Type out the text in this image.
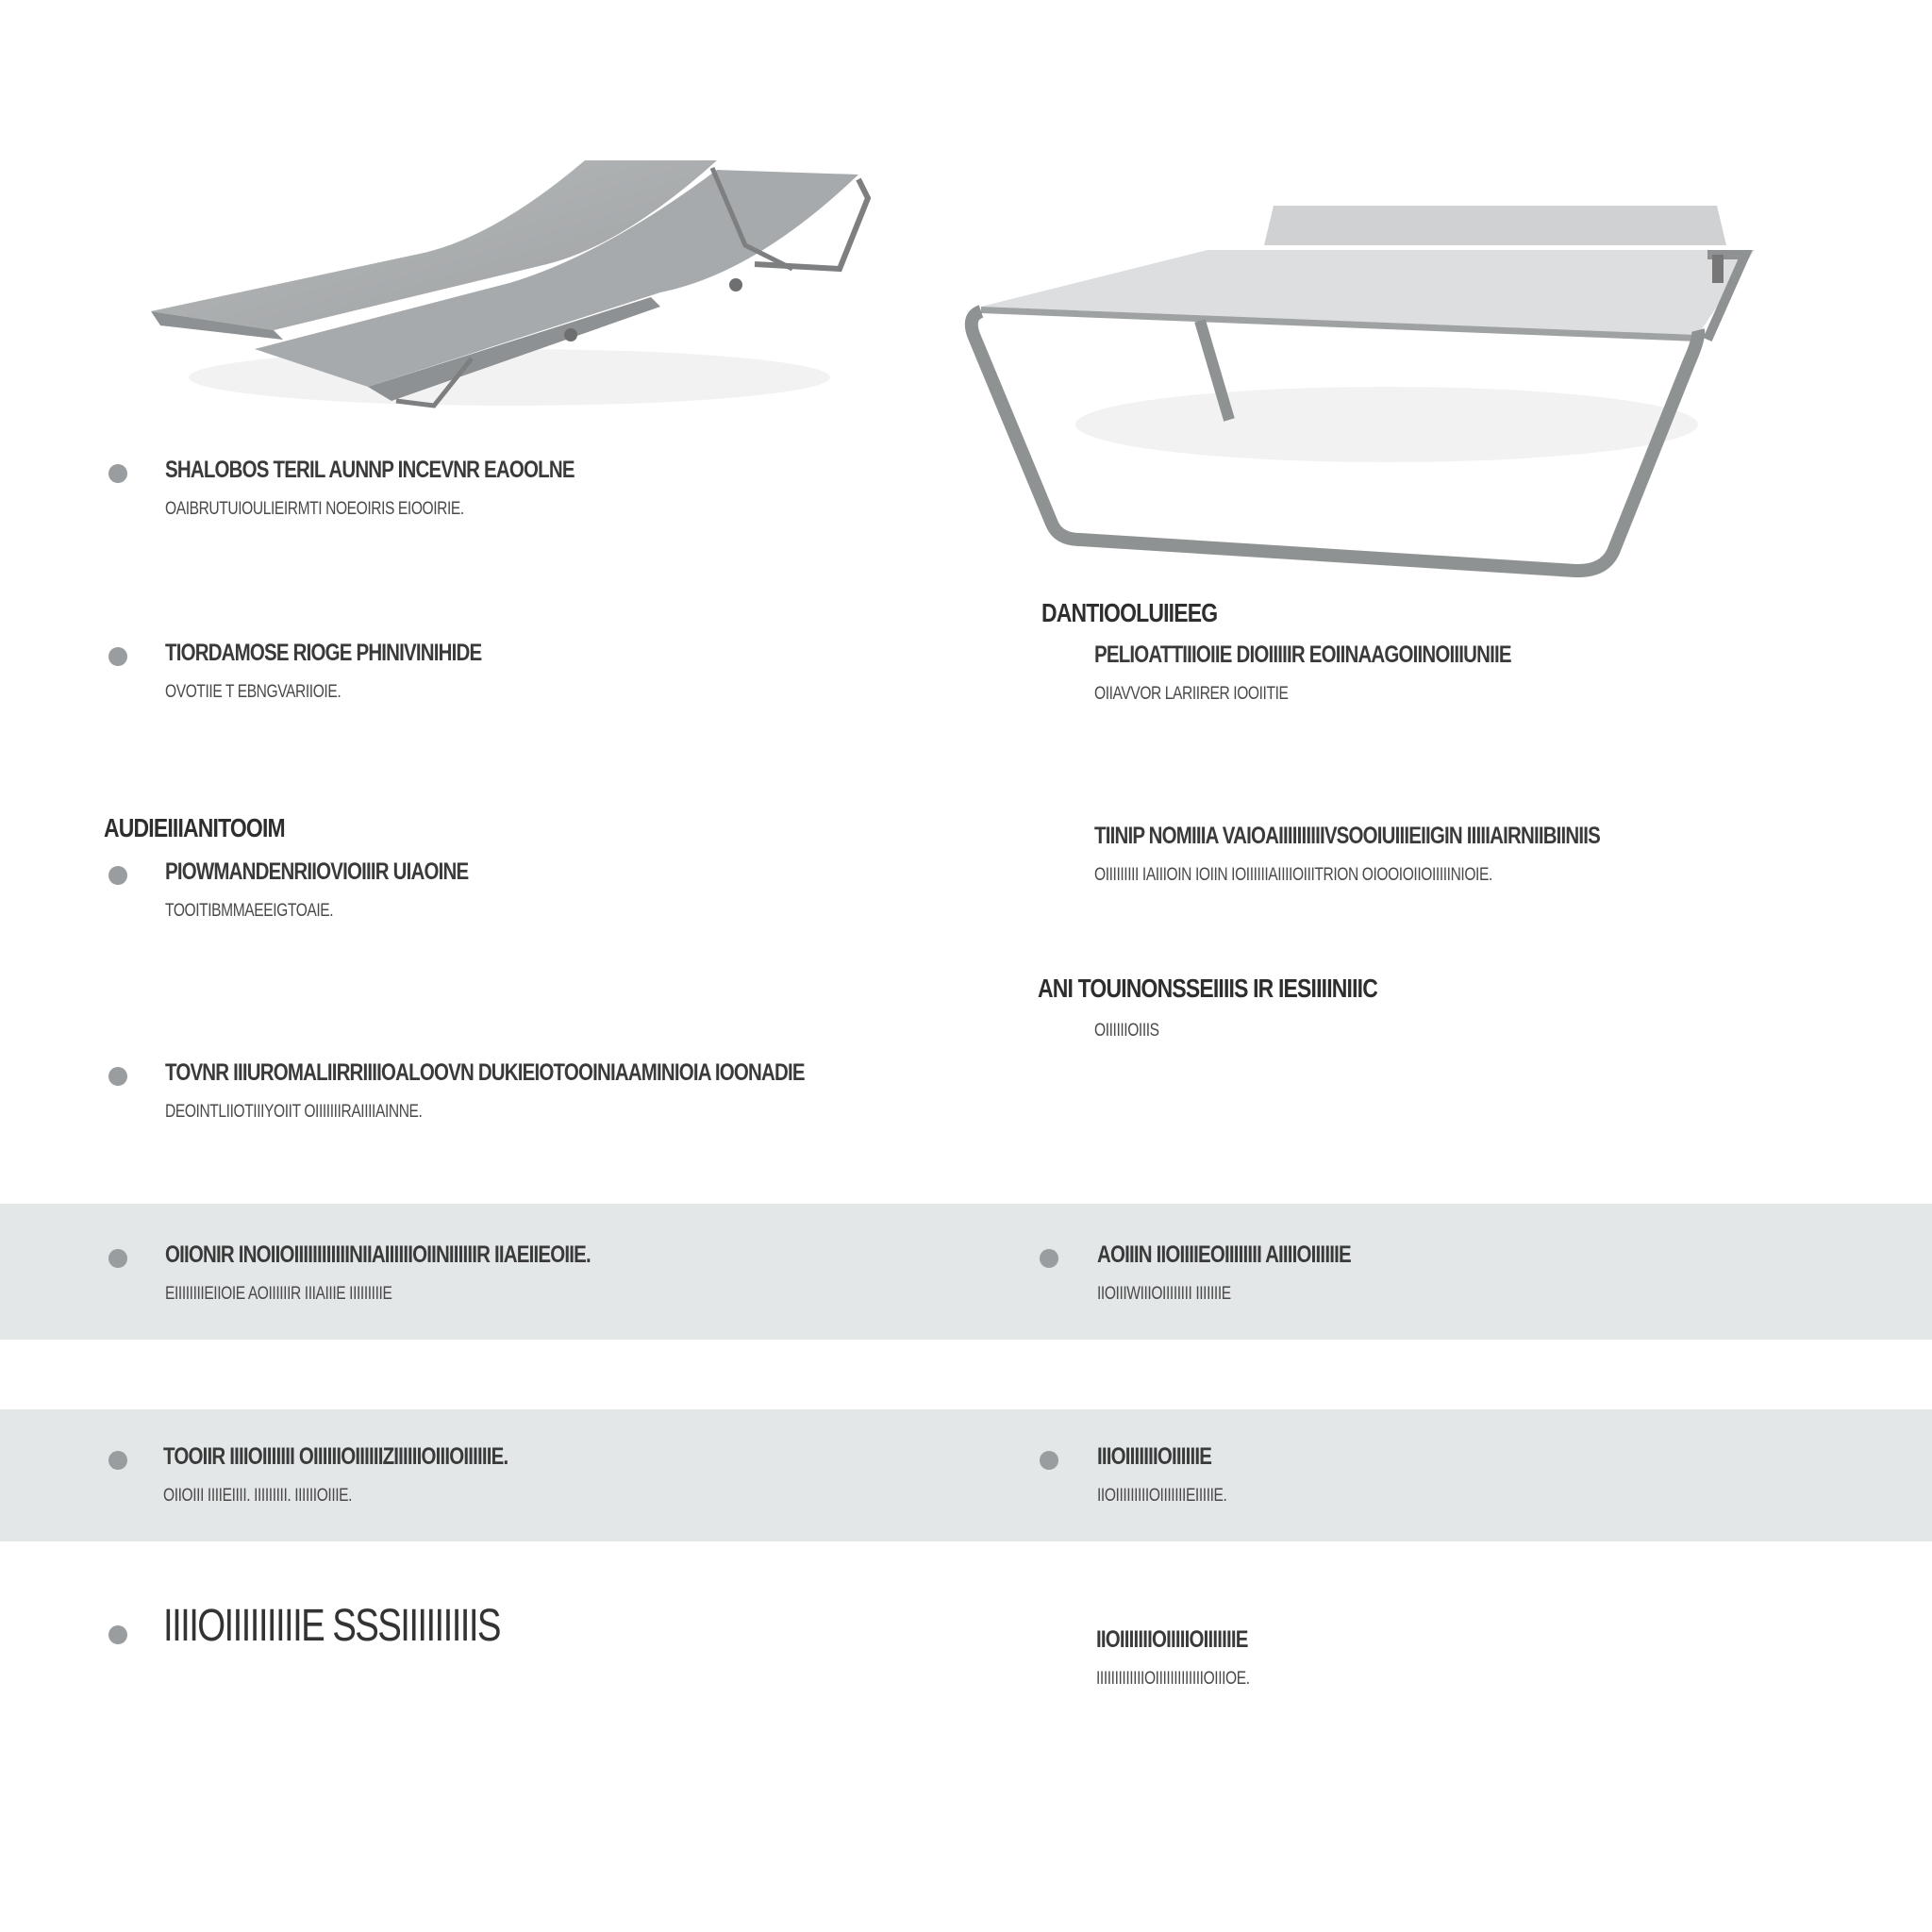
SHALOBOS TERIL AUNNP INCEVNR EAOOLNE
OAIBRUTUIOULIEIRMTI NOEOIRIS EIOOIRIE.
TIORDAMOSE RIOGE PHINIVINIHIDE
OVOTIIE T EBNGVARIIOIE.
AUDIEIIIANITOOIM
PIOWMANDENRIIOVIOIIIR UIAOINE
TOOITIBMMAEEIGTOAIE.
TOVNR IIIUROMALIIRRIIIIOALOOVN DUKIEIOTOOINIAAMINIOIA IOONADIE
DEOINTLIIOTIIIYOIIT OIIIIIIIRAIIIIAINNE.
DANTIOOLUIIEEG
PELIOATTIIIOIIE DIOIIIIIR EOIINAAGOIINOIIIUNIIE
OIIAVVOR LARIIRER IOOIITIE
TIINIP NOMIIIA VAIOAIIIIIIIIIIVSOOIUIIIEIIGIN IIIIIAIRNIIBIINIIS
OIIIIIIIII IAIIIOIN IOIIN IOIIIIIIAIIIIOIIITRION OIOOIOIIOIIIIINIOIE.
ANI TOUINONSSEIIIIS IR IESIIIINIIIC
OIIIIIIOIIIS
OIIONIR INOIIOIIIIIIIIIIIINIIAIIIIIIOIINIIIIIIR IIAEIIEOIIE.
EIIIIIIIIEIIOIE AOIIIIIIR IIIAIIIE IIIIIIIIIE
AOIIIN IIOIIIIEOIIIIIIII AIIIIOIIIIIIE
IIOIIIWIIIOIIIIIIII IIIIIIIE
TOOIIR IIIIOIIIIIII OIIIIIIOIIIIIIZIIIIIIOIIIOIIIIIIE.
OIIOIII IIIIEIIII. IIIIIIIII. IIIIIIOIIIE.
IIIOIIIIIIIOIIIIIIE
IIOIIIIIIIIIOIIIIIIIEIIIIIE.
IIIIOIIIIIIIIIE SSSIIIIIIIIIS	IIOIIIIIIIOIIIIIOIIIIIIIE
IIIIIIIIIIIIIOIIIIIIIIIIIIIOIIIOE.
